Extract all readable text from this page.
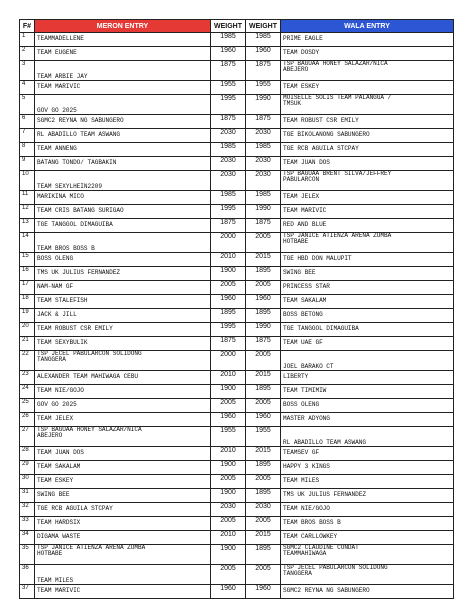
F#	MERON ENTRY	WEIGHT	WEIGHT	WALA ENTRY
1	TEAMMADELLENE	1985	1985	PRIME EAGLE

2	TEAM EUGENE	1960	1960	TEAM DOSDY

3	TEAM ARBIE JAY	1875	1875	TSP BAGUAA HONEY SALAZAR/NICA
ABEJERO

4	TEAM MARIVIC	1955	1955	TEAM ESKEY

5	GOV GO 2025	1995	1990	MOISELLE SOLIS TEAM PALANGGA /
TMSUK

6	SGMC2 REYNA NG SABUNGERO	1875	1875	TEAM ROBUST CSR EMILY

7	RL ABADILLO TEAM ASWANG	2030	2030	TGE BIKOLANONG SABUNGERO

8	TEAM ANNENG	1985	1985	TGE RCB AGUILA STCPAY

9	BATANG TONDO/ TAGBAKIN	2030	2030	TEAM JUAN DOS

10	TEAM SEXYLHEIN2209	2030	2030	TSP BAGUAA BRENT SILVA/JEFFREY
PABULARCON

11	MARIKINA MICO	1985	1985	TEAM JELEX

12	TEAM CRIS BATANG SURIGAO	1995	1990	TEAM MARIVIC

13	TGE TANGGOL DIMAGUIBA	1875	1875	RED AND BLUE

14	TEAM BROS BOSS B	2000	2005	TSP JANICE ATIENZA ARENA ZUMBA
HOTBABE

15	BOSS OLENG	2010	2015	TGE HBD DON MALUPIT

16	TMS UK JULIUS FERNANDEZ	1900	1895	SWING BEE

17	NAM-NAM GF	2005	2005	PRINCESS STAR

18	TEAM STALEFISH	1960	1960	TEAM SAKALAM

19	JACK & JILL	1895	1895	BOSS BETONG

20	TEAM ROBUST CSR EMILY	1995	1990	TGE TANGGOL DIMAGUIBA

21	TEAM SEXYBULIK	1875	1875	TEAM UAE GF

22	TSP JECEL PABULARCON SOLIDONG
TANGGERA	2000	2005	JOEL BARAKO CT

23	ALEXANDER TEAM MAHIWAGA CEBU	2010	2015	LIBERTY

24	TEAM NIE/GOJO	1900	1895	TEAM TIMIMIW

25	GOV GO 2025	2005	2005	BOSS OLENG

26	TEAM JELEX	1960	1960	MASTER ADYONG

27	TSP BAGUAA HONEY SALAZAR/NICA
ABEJERO	1955	1955	RL ABADILLO TEAM ASWANG

28	TEAM JUAN DOS	2010	2015	TEAMSEV GF

29	TEAM SAKALAM	1900	1895	HAPPY 3 KINGS

30	TEAM ESKEY	2005	2005	TEAM MILES

31	SWING BEE	1900	1895	TMS UK JULIUS FERNANDEZ

32	TGE RCB AGUILA STCPAY	2030	2030	TEAM NIE/GOJO

33	TEAM HARDSIX	2005	2005	TEAM BROS BOSS B

34	DIGAMA WASTE	2010	2015	TEAM CARLLOWKEY

35	TSP JANICE ATIENZA ARENA ZUMBA
HOTBABE	1900	1895	SGMC2 CLAUDINE CONDAT
TEAMMAHIWAGA

36	TEAM MILES	2005	2005	TSP JECEL PABULARCON SOLIDONG
TANGGERA

37	TEAM MARIVIC	1960	1960	SGMC2 REYNA NG SABUNGERO
